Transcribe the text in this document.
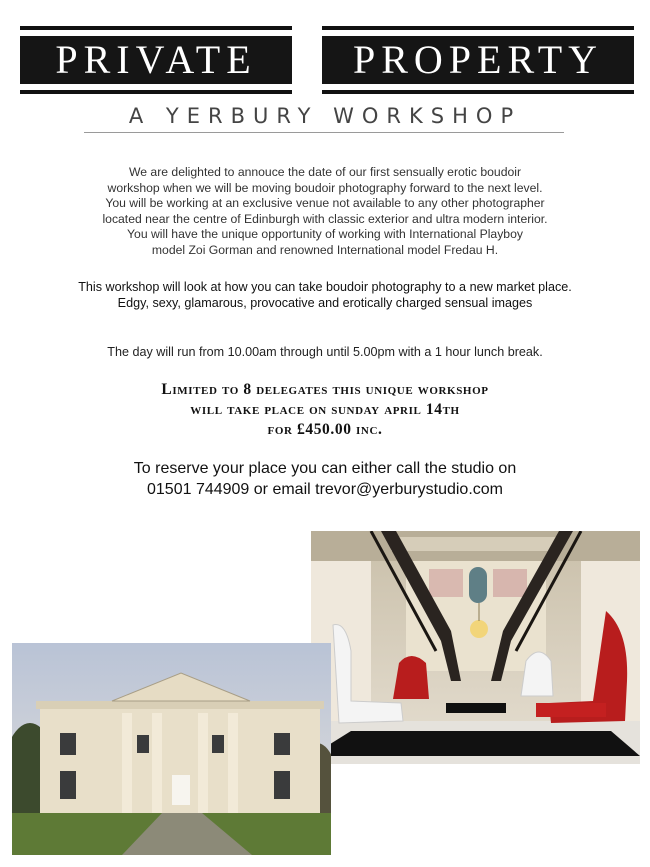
PRIVATE PROPERTY
A YERBURY WORKSHOP
We are delighted to annouce the date of our first sensually erotic boudoir
workshop when we will be moving boudoir photography forward to the next level.
You will be working at an exclusive venue not available to any other photographer
located near the centre of Edinburgh with classic exterior and ultra modern interior.
You will have the unique opportunity of working with International Playboy
model Zoi Gorman and renowned International model Fredau H.
This workshop will look at how you can take boudoir photography to a new market place.
Edgy, sexy, glamarous, provocative and erotically charged sensual images
The day will run from 10.00am through until 5.00pm with a 1 hour lunch break.
Limited to 8 delegates this unique workshop
will take place on sunday april 14th
for £450.00 inc.
To reserve your place you can either call the studio on
01501 744909 or email trevor@yerburystudio.com
